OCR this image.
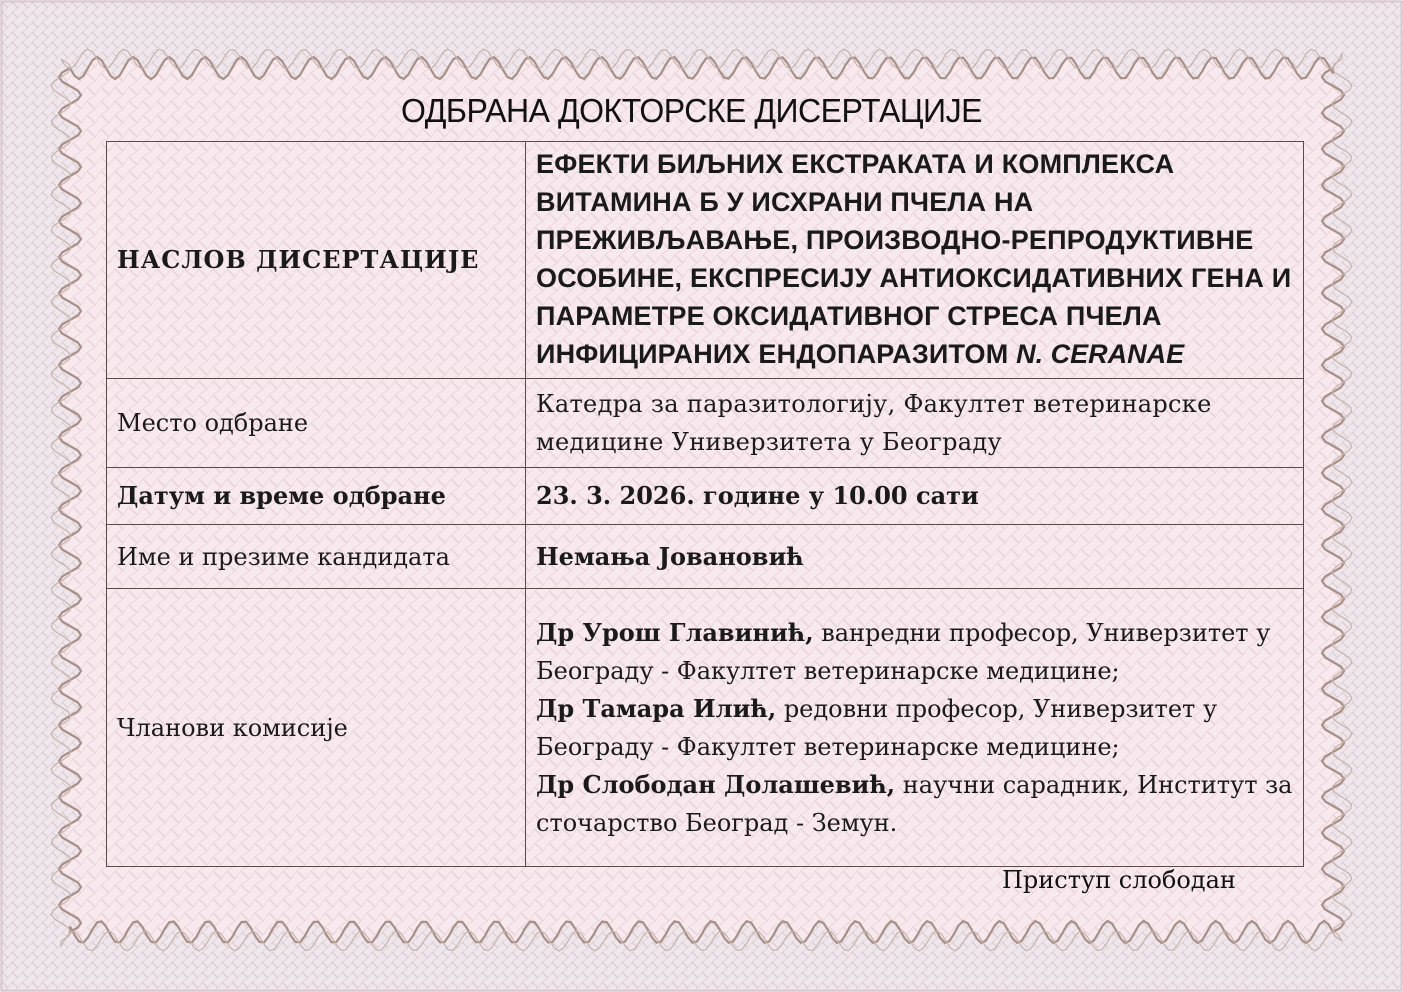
ОДБРАНА ДОКТОРСКЕ ДИСЕРТАЦИЈЕ
НАСЛОВ ДИСЕРТАЦИЈЕ	ЕФЕКТИ БИЉНИХ ЕКСТРАКАТА И КОМПЛЕКСА ВИТАМИНА Б У ИСХРАНИ ПЧЕЛА НА ПРЕЖИВЉАВАЊЕ, ПРОИЗВОДНО-РЕПРОДУКТИВНЕ ОСОБИНЕ, ЕКСПРЕСИЈУ АНТИОКСИДАТИВНИХ ГЕНА И ПАРАМЕТРЕ ОКСИДАТИВНОГ СТРЕСА ПЧЕЛА ИНФИЦИРАНИХ ЕНДОПАРАЗИТОМ N. CERANAE
Место одбране	Катедра за паразитологију, Факултет ветеринарске медицине Универзитета у Београду
Датум и време одбране	23. 3. 2026. године у 10.00 сати
Име и презиме кандидата	Немања Јовановић
Чланови комисије	Др Урош Главинић, ванредни професор, Универзитет у Београду - Факултет ветеринарске медицине;
Др Тамара Илић, редовни професор, Универзитет у Београду - Факултет ветеринарске медицине;
Др Слободан Долашевић, научни сарадник, Институт за сточарство Београд - Земун.
Приступ слободан
